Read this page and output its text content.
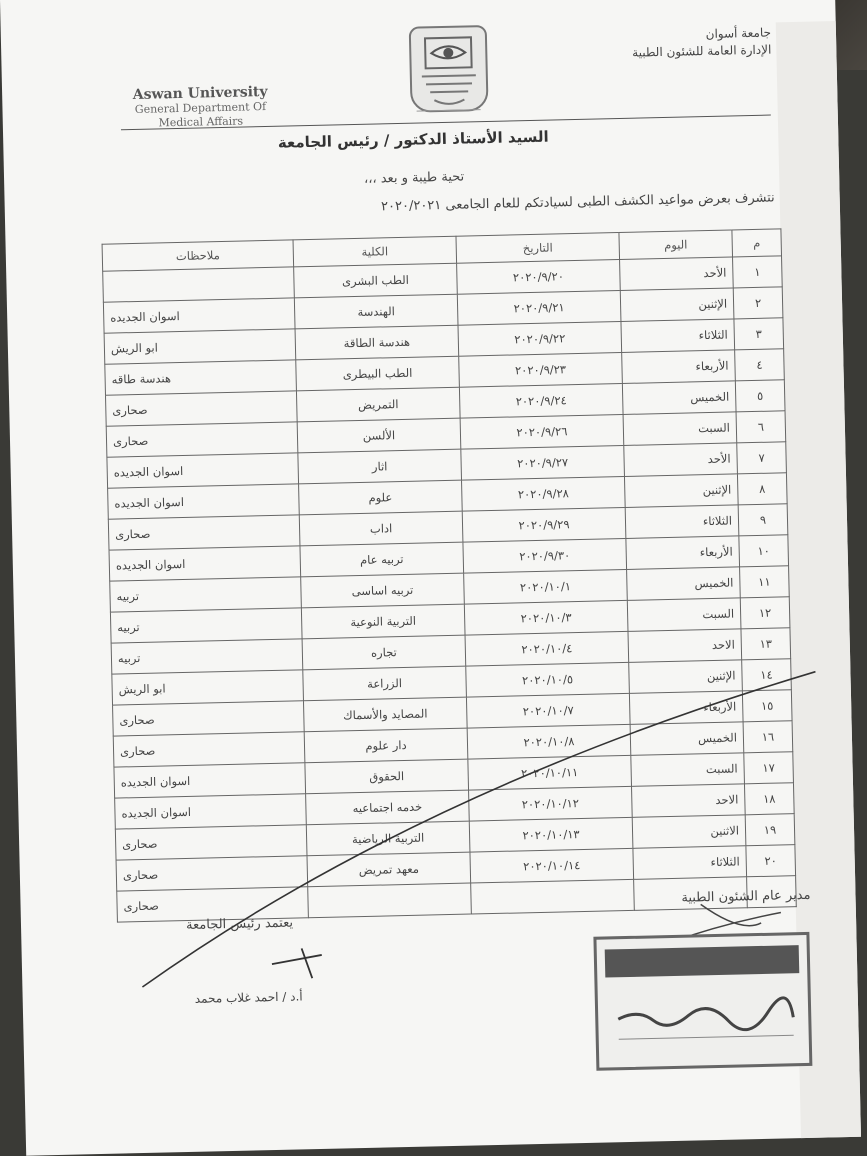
Aswan University
General Department Of
Medical Affairs
جامعة أسوان
الإدارة العامة للشئون الطبية
السيد الأستاذ الدكتور / رئيس الجامعة
تحية طيبة و بعد ،،،
نتشرف بعرض مواعيد الكشف الطبى لسيادتكم للعام الجامعى ٢٠٢٠/٢٠٢١
م	اليوم	التاريخ	الكلية	ملاحظات
١	الأحد	٢٠٢٠/٩/٢٠	الطب البشرى	
٢	الإثنين	٢٠٢٠/٩/٢١	الهندسة	اسوان الجديده
٣	الثلاثاء	٢٠٢٠/٩/٢٢	هندسة الطاقة	ابو الريش
٤	الأربعاء	٢٠٢٠/٩/٢٣	الطب البيطرى	هندسة طاقه
٥	الخميس	٢٠٢٠/٩/٢٤	التمريض	صحارى
٦	السبت	٢٠٢٠/٩/٢٦	الألسن	صحارى
٧	الأحد	٢٠٢٠/٩/٢٧	اثار	اسوان الجديده
٨	الإثنين	٢٠٢٠/٩/٢٨	علوم	اسوان الجديده
٩	الثلاثاء	٢٠٢٠/٩/٢٩	اداب	صحارى
١٠	الأربعاء	٢٠٢٠/٩/٣٠	تربيه عام	اسوان الجديده
١١	الخميس	٢٠٢٠/١٠/١	تربيه اساسى	تربيه
١٢	السبت	٢٠٢٠/١٠/٣	التربية النوعية	تربيه
١٣	الاحد	٢٠٢٠/١٠/٤	تجاره	تربيه
١٤	الإثنين	٢٠٢٠/١٠/٥	الزراعة	ابو الريش
١٥	الأربعاء	٢٠٢٠/١٠/٧	المصايد والأسماك	صحارى
١٦	الخميس	٢٠٢٠/١٠/٨	دار علوم	صحارى
١٧	السبت	٢٠٢٠/١٠/١١	الحقوق	اسوان الجديده
١٨	الاحد	٢٠٢٠/١٠/١٢	خدمه اجتماعيه	اسوان الجديده
١٩	الاثنين	٢٠٢٠/١٠/١٣	التربية الرياضية	صحارى
٢٠	الثلاثاء	٢٠٢٠/١٠/١٤	معهد تمريض	صحارى
				صحارى
مدير عام الشئون الطبية
يعتمد رئيس الجامعة
أ.د / احمد غلاب محمد
